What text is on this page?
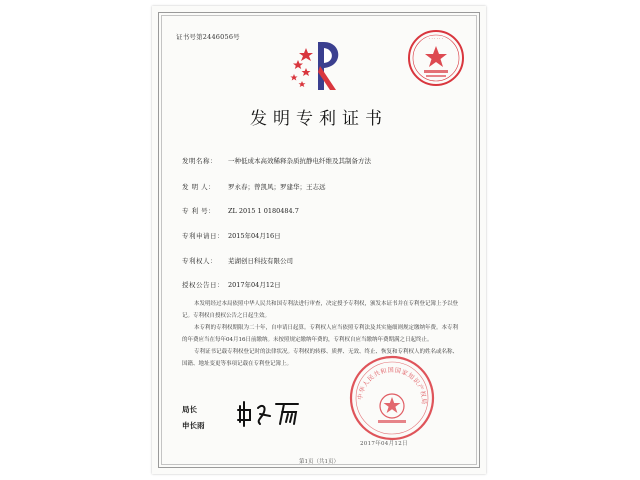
证书号第2446056号	· · · · · ·
发明专利证书
发明名称： 一种低成本高效稀释杂质抗静电纤维及其制备方法
发 明 人： 罗永春；曾凯风；罗建华；王志远
专 利 号： ZL 2015 1 0180484.7
专利申请日： 2015年04月16日
专利权人： 芜湖创日科技有限公司
授权公告日： 2017年04月12日
本发明经过本局依照中华人民共和国专利法进行审查，决定授予专利权，颁发本证书并在专利登记簿上予以登记。专利权自授权公告之日起生效。
本专利的专利权期限为二十年，自申请日起算。专利权人应当依照专利法及其实施细则规定缴纳年费。本专利的年费应当在每年04月16日前缴纳。未按照规定缴纳年费的，专利权自应当缴纳年费期满之日起终止。
专利证书记载专利权登记时的法律状况。专利权的转移、质押、无效、终止、恢复和专利权人的姓名或名称、国籍、地址变更等事项记载在专利登记簿上。
中华人民共和国国家知识产权局
局长
申长雨
2017年04月12日
第1页（共1页）
